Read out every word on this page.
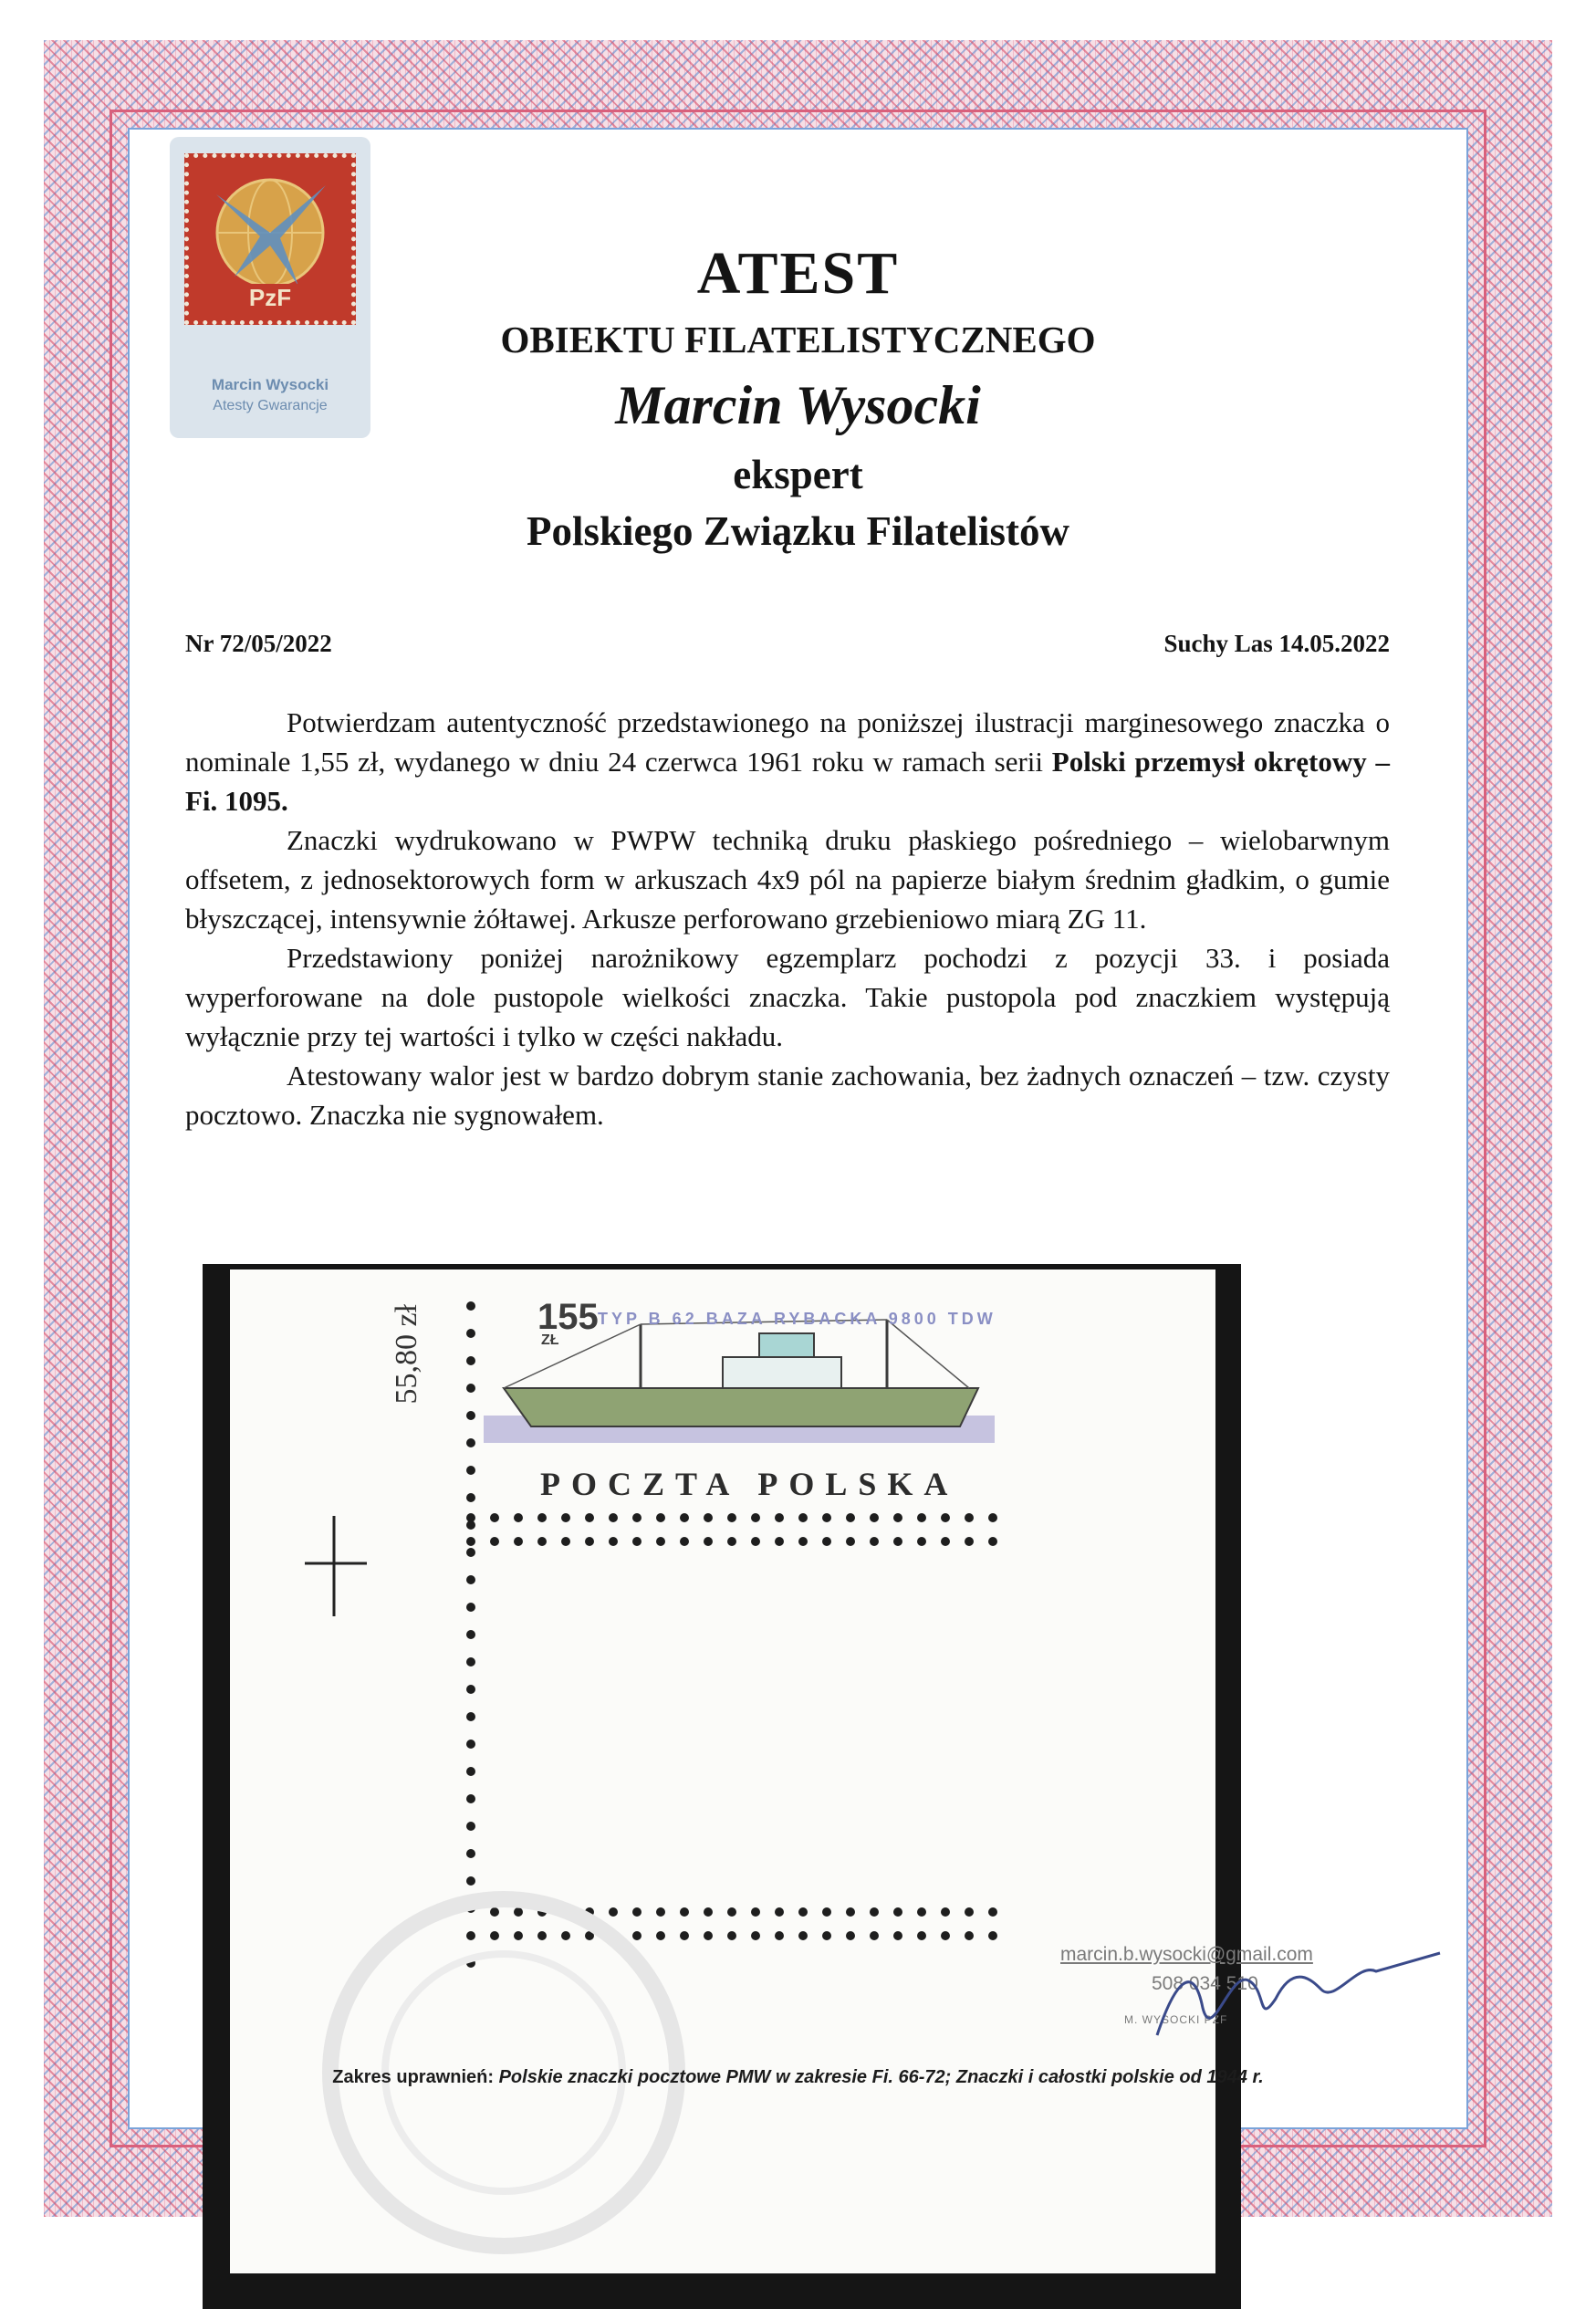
PzF
Marcin Wysocki
Atesty Gwarancje
ATEST
OBIEKTU FILATELISTYCZNEGO
Marcin Wysocki
ekspert
Polskiego Związku Filatelistów
Nr 72/05/2022	Suchy Las 14.05.2022

Potwierdzam autentyczność przedstawionego na poniższej ilustracji marginesowego znaczka o nominale 1,55 zł, wydanego w dniu 24 czerwca 1961 roku w ramach serii Polski przemysł okrętowy – Fi. 1095.

Znaczki wydrukowano w PWPW techniką druku płaskiego pośredniego – wielobarwnym offsetem, z jednosektorowych form w arkuszach 4x9 pól na papierze białym średnim gładkim, o gumie błyszczącej, intensywnie żółtawej. Arkusze perforowano grzebieniowo miarą ZG 11.

Przedstawiony poniżej narożnikowy egzemplarz pochodzi z pozycji 33. i posiada wyperforowane na dole pustopole wielkości znaczka. Takie pustopola pod znaczkiem występują wyłącznie przy tej wartości i tylko w części nakładu.

Atestowany walor jest w bardzo dobrym stanie zachowania, bez żadnych oznaczeń – tzw. czysty pocztowo. Znaczka nie sygnowałem.

55,80 zł	155
ZŁ
TYP B 62 BAZA RYBACKA 9800 TDW
POCZTA POLSKA
marcin.b.wysocki@gmail.com
508 034 510
M. WYSOCKI PZF
Zakres uprawnień: Polskie znaczki pocztowe PMW w zakresie Fi. 66-72; Znaczki i całostki polskie od 1944 r.
